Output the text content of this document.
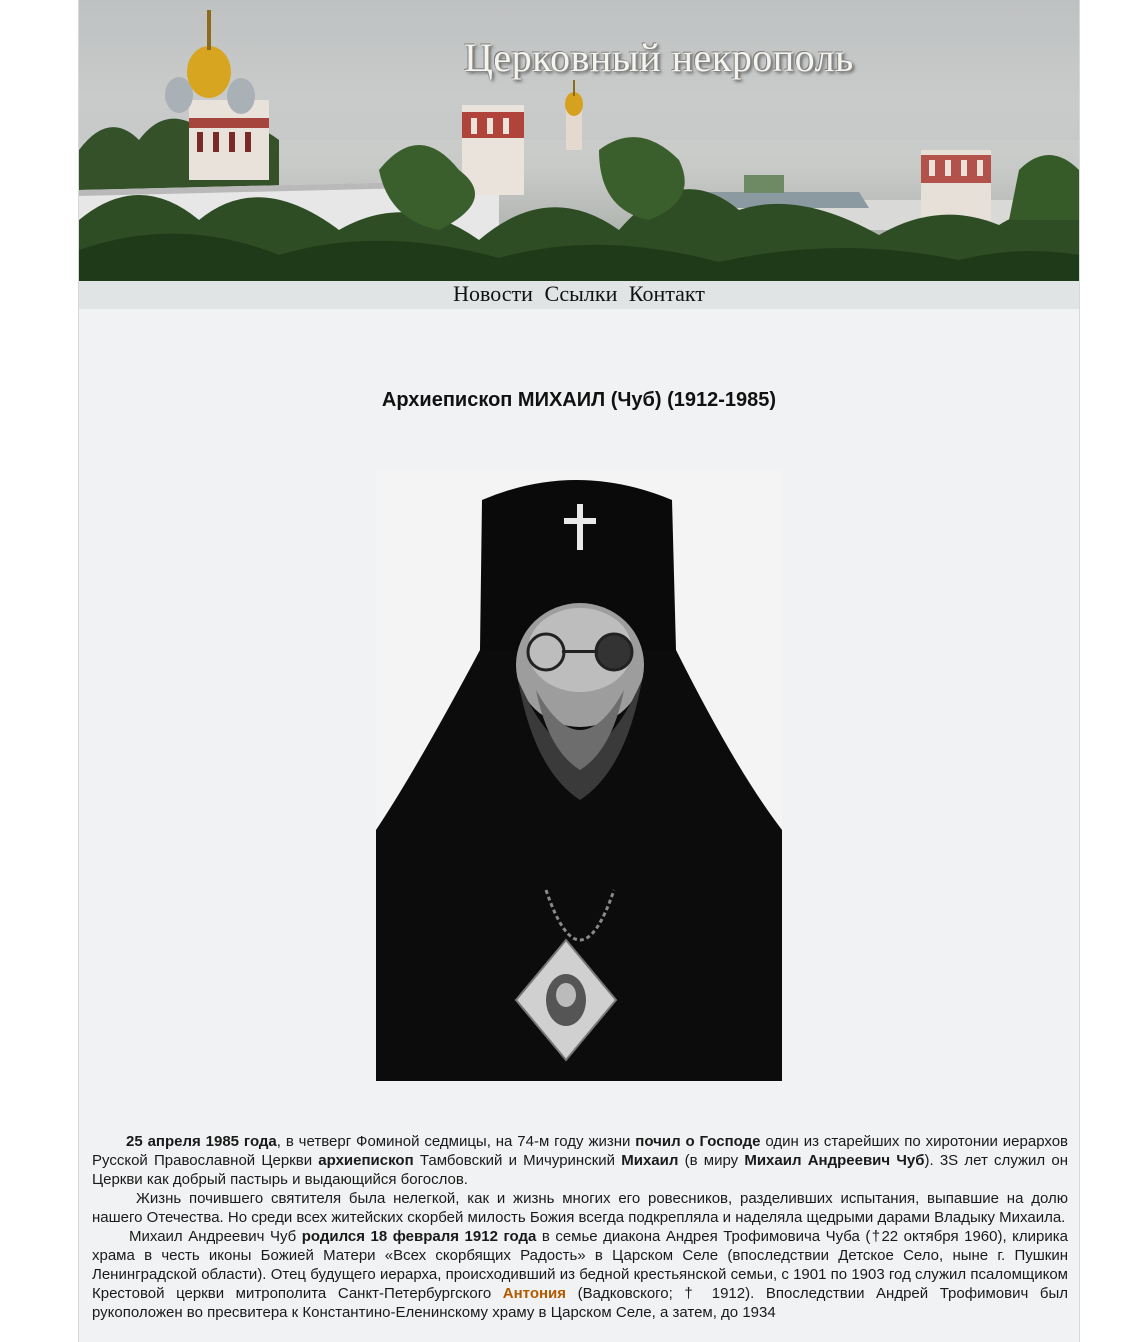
Церковный некрополь
Новости Ссылки Контакт
Архиепископ МИХАИЛ (Чуб) (1912-1985)

25 апреля 1985 года, в четверг Фоминой седмицы, на 74-м году жизни почил о Господе один из старейших по хиротонии иерархов Русской Православной Церкви архиепископ Тамбовский и Мичуринский Михаил (в миру Михаил Андреевич Чуб). 3S лет служил он Церкви как добрый пастырь и выдающийся богослов.

Жизнь почившего святителя была нелегкой, как и жизнь многих его ровесников, разделивших испытания, выпавшие на долю нашего Отечества. Но среди всех житейских скорбей милость Божия всегда подкрепляла и наделяла щедрыми дарами Владыку Михаила.

Михаил Андреевич Чуб родился 18 февраля 1912 года в семье диакона Андрея Трофимовича Чуба (†22 октября 1960), клирика храма в честь иконы Божией Матери «Всех скорбящих Радость» в Царском Селе (впоследствии Детское Село, ныне г. Пушкин Ленинградской области). Отец будущего иерарха, происходивший из бедной крестьянской семьи, с 1901 по 1903 год служил псаломщиком Крестовой церкви митрополита Санкт-Петербургского Антония (Вадковского; † 1912). Впоследствии Андрей Трофимович был рукоположен во пресвитера к Константино-Еленинскому храму в Царском Селе, а затем, до 1934
